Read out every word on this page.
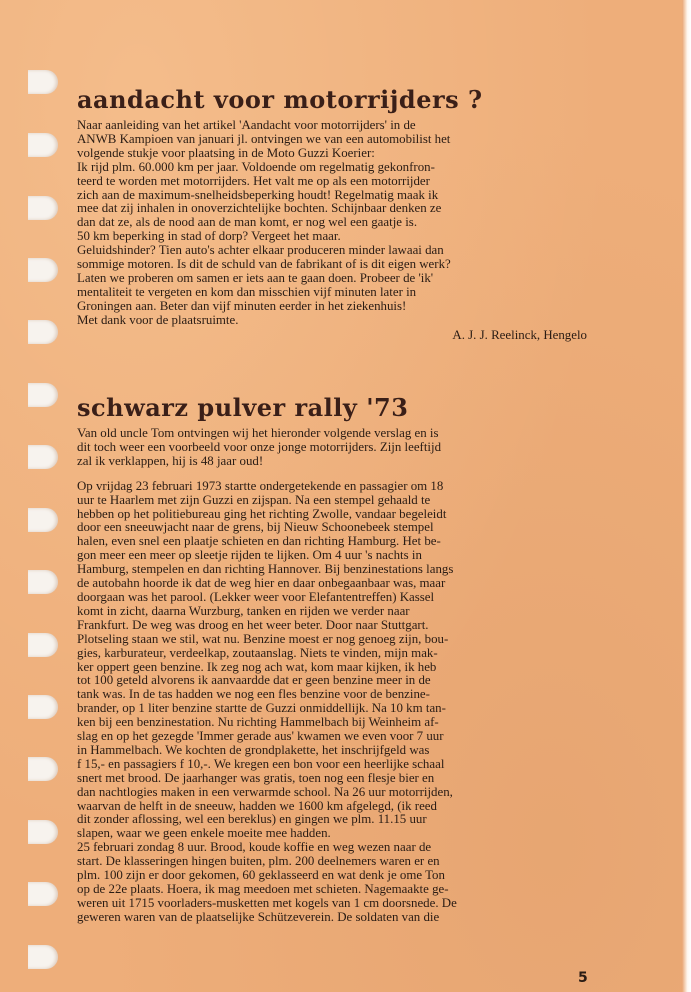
aandacht voor motorrijders ?

Naar aanleiding van het artikel 'Aandacht voor motorrijders' in de
ANWB Kampioen van januari jl. ontvingen we van een automobilist het
volgende stukje voor plaatsing in de Moto Guzzi Koerier:
Ik rijd plm. 60.000 km per jaar. Voldoende om regelmatig gekonfron-
teerd te worden met motorrijders. Het valt me op als een motorrijder
zich aan de maximum-snelheidsbeperking houdt! Regelmatig maak ik
mee dat zij inhalen in onoverzichtelijke bochten. Schijnbaar denken ze
dan dat ze, als de nood aan de man komt, er nog wel een gaatje is.
50 km beperking in stad of dorp? Vergeet het maar.
Geluidshinder? Tien auto's achter elkaar produceren minder lawaai dan
sommige motoren. Is dit de schuld van de fabrikant of is dit eigen werk?
Laten we proberen om samen er iets aan te gaan doen. Probeer de 'ik'
mentaliteit te vergeten en kom dan misschien vijf minuten later in
Groningen aan. Beter dan vijf minuten eerder in het ziekenhuis!
Met dank voor de plaatsruimte.

A. J. J. Reelinck, Hengelo

schwarz pulver rally '73

Van old uncle Tom ontvingen wij het hieronder volgende verslag en is
dit toch weer een voorbeeld voor onze jonge motorrijders. Zijn leeftijd
zal ik verklappen, hij is 48 jaar oud!

Op vrijdag 23 februari 1973 startte ondergetekende en passagier om 18
uur te Haarlem met zijn Guzzi en zijspan. Na een stempel gehaald te
hebben op het politiebureau ging het richting Zwolle, vandaar begeleidt
door een sneeuwjacht naar de grens, bij Nieuw Schoonebeek stempel
halen, even snel een plaatje schieten en dan richting Hamburg. Het be-
gon meer een meer op sleetje rijden te lijken. Om 4 uur 's nachts in
Hamburg, stempelen en dan richting Hannover. Bij benzinestations langs
de autobahn hoorde ik dat de weg hier en daar onbegaanbaar was, maar
doorgaan was het parool. (Lekker weer voor Elefantentreffen) Kassel
komt in zicht, daarna Wurzburg, tanken en rijden we verder naar
Frankfurt. De weg was droog en het weer beter. Door naar Stuttgart.
Plotseling staan we stil, wat nu. Benzine moest er nog genoeg zijn, bou-
gies, karburateur, verdeelkap, zoutaanslag. Niets te vinden, mijn mak-
ker oppert geen benzine. Ik zeg nog ach wat, kom maar kijken, ik heb
tot 100 geteld alvorens ik aanvaardde dat er geen benzine meer in de
tank was. In de tas hadden we nog een fles benzine voor de benzine-
brander, op 1 liter benzine startte de Guzzi onmiddellijk. Na 10 km tan-
ken bij een benzinestation. Nu richting Hammelbach bij Weinheim af-
slag en op het gezegde 'Immer gerade aus' kwamen we even voor 7 uur
in Hammelbach. We kochten de grondplakette, het inschrijfgeld was
f 15,- en passagiers f 10,-. We kregen een bon voor een heerlijke schaal
snert met brood. De jaarhanger was gratis, toen nog een flesje bier en
dan nachtlogies maken in een verwarmde school. Na 26 uur motorrijden,
waarvan de helft in de sneeuw, hadden we 1600 km afgelegd, (ik reed
dit zonder aflossing, wel een bereklus) en gingen we plm. 11.15 uur
slapen, waar we geen enkele moeite mee hadden.
25 februari zondag 8 uur. Brood, koude koffie en weg wezen naar de
start. De klasseringen hingen buiten, plm. 200 deelnemers waren er en
plm. 100 zijn er door gekomen, 60 geklasseerd en wat denk je ome Ton
op de 22e plaats. Hoera, ik mag meedoen met schieten. Nagemaakte ge-
weren uit 1715 voorladers-musketten met kogels van 1 cm doorsnede. De
geweren waren van de plaatselijke Schützeverein. De soldaten van die

5
